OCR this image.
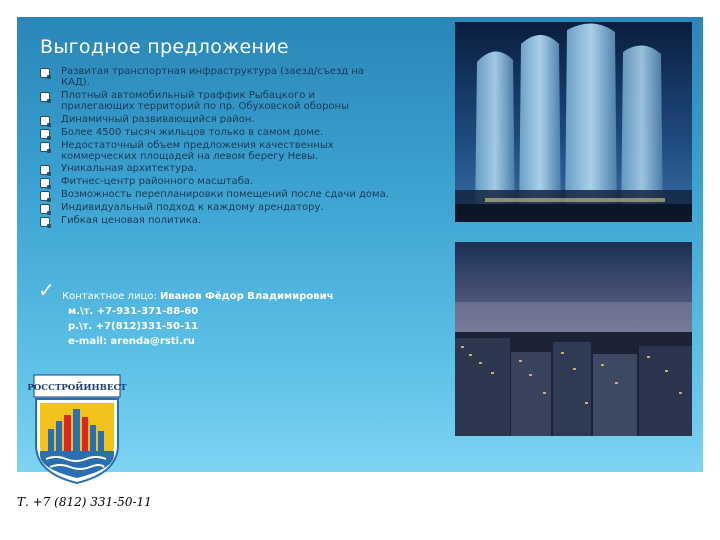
Выгодное предложение
Развитая транспортная инфраструктура (заезд/съезд на КАД).
Плотный автомобильный траффик Рыбацкого и прилегающих территорий по пр. Обуховской обороны
Динамичный развивающийся район.
Более 4500 тысяч жильцов только в самом доме.
Недостаточный объем предложения качественных коммерческих площадей на левом берегу Невы.
Уникальная архитектура.
Фитнес-центр районного масштаба.
Возможность перепланировки помещений после сдачи дома.
Индивидуальный подход к каждому арендатору.
Гибкая ценовая политика.
✓ Контактное лицо: Иванов Фёдор Владимирович
м.\т. +7-931-371-88-60
р.\т. +7(812)331-50-11
e-mail: arenda@rsti.ru
РОССТРОЙИНВЕСТ
Т. +7 (812) 331-50-11
